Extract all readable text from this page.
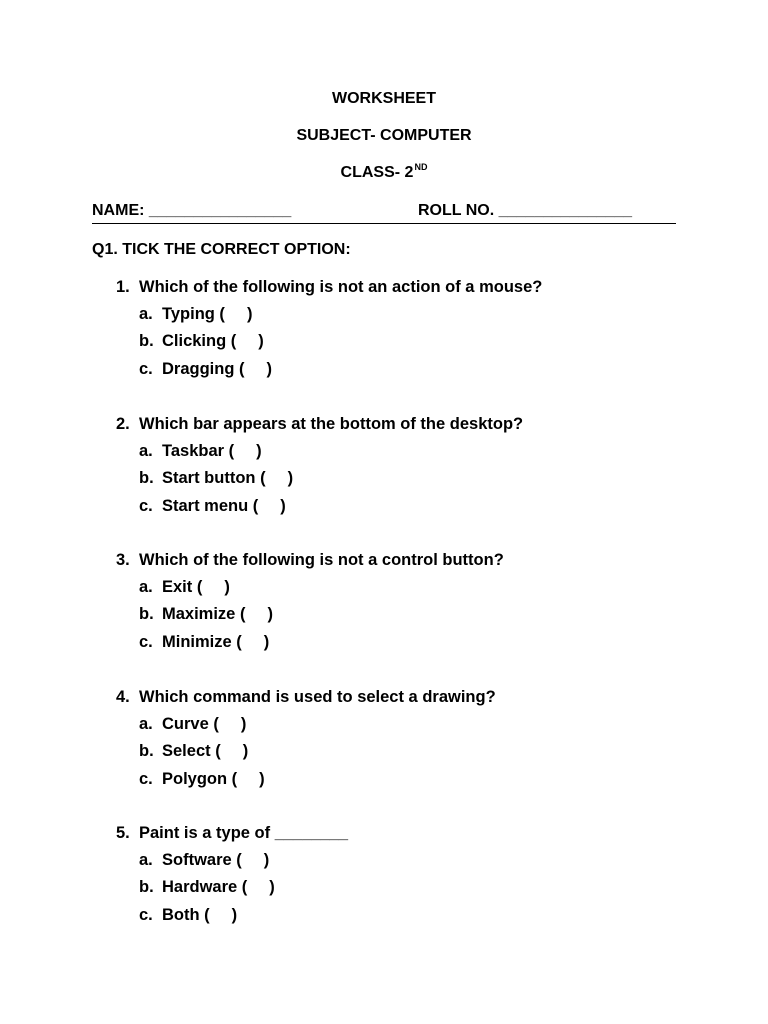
WORKSHEET
SUBJECT- COMPUTER
CLASS- 2ND
NAME: ________________	ROLL NO. _______________
Q1. TICK THE CORRECT OPTION:
1. Which of the following is not an action of a mouse?
a. Typing ( )
b. Clicking ( )
c. Dragging ( )
2. Which bar appears at the bottom of the desktop?
a. Taskbar ( )
b. Start button ( )
c. Start menu ( )
3. Which of the following is not a control button?
a. Exit ( )
b. Maximize ( )
c. Minimize ( )
4. Which command is used to select a drawing?
a. Curve ( )
b. Select ( )
c. Polygon ( )
5. Paint is a type of ________
a. Software ( )
b. Hardware ( )
c. Both ( )
